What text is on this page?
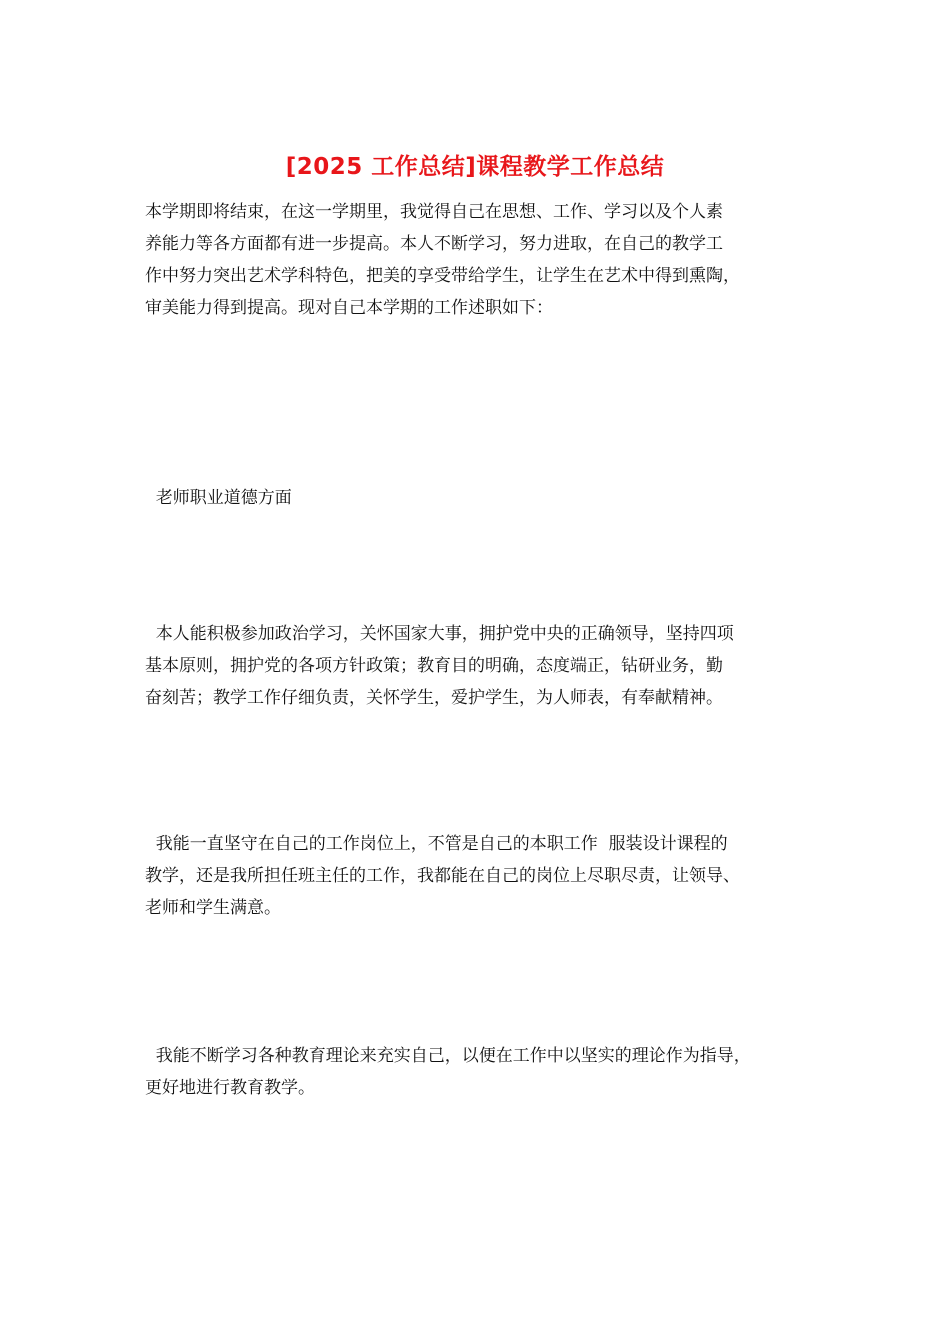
[2025 工作总结]课程教学工作总结
本学期即将结束，在这一学期里，我觉得自己在思想、工作、学习以及个人素
养能力等各方面都有进一步提高。本人不断学习，努力进取，在自己的教学工
作中努力突出艺术学科特色，把美的享受带给学生，让学生在艺术中得到熏陶，
审美能力得到提高。现对自己本学期的工作述职如下：
老师职业道德方面
本人能积极参加政治学习，关怀国家大事，拥护党中央的正确领导，坚持四项
基本原则，拥护党的各项方针政策；教育目的明确，态度端正，钻研业务，勤
奋刻苦；教学工作仔细负责，关怀学生，爱护学生，为人师表，有奉献精神。
我能一直坚守在自己的工作岗位上，不管是自己的本职工作  服装设计课程的
教学，还是我所担任班主任的工作，我都能在自己的岗位上尽职尽责，让领导、
老师和学生满意。
我能不断学习各种教育理论来充实自己，以便在工作中以坚实的理论作为指导，
更好地进行教育教学。
